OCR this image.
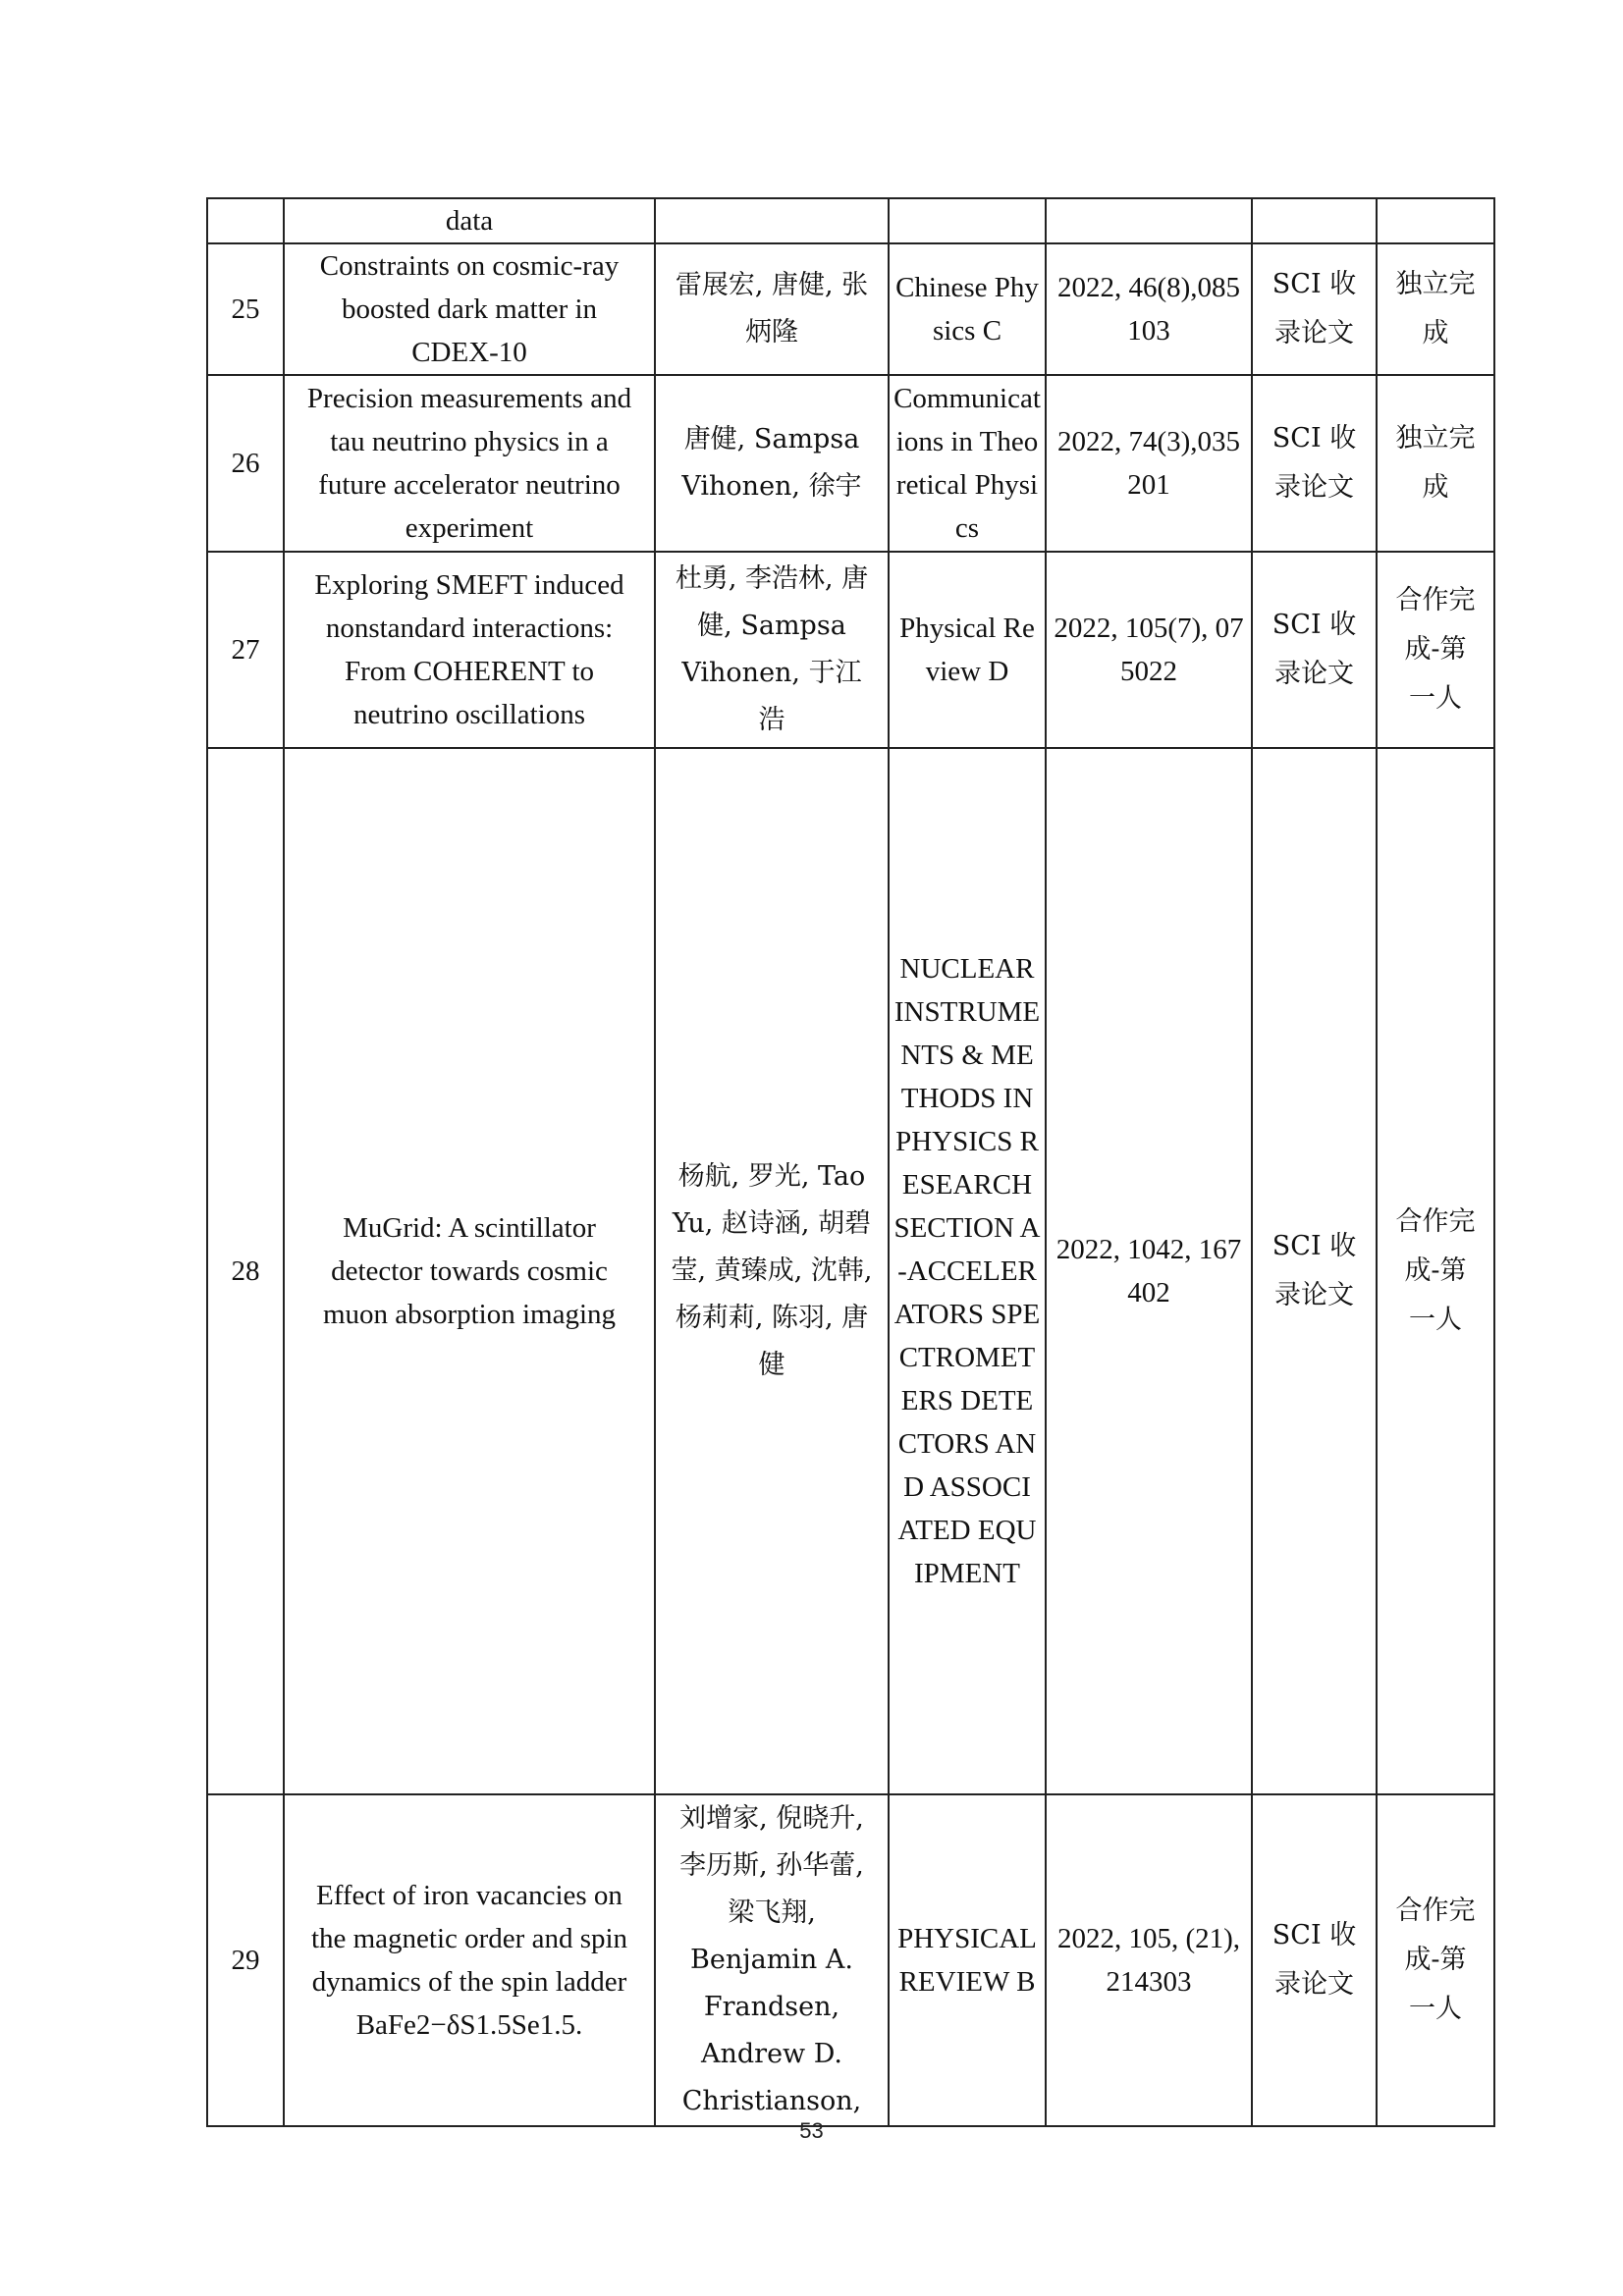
	data					
25	Constraints on cosmic-ray boosted dark matter in CDEX-10	雷展宏, 唐健, 张炳隆	Chinese Physics C	2022, 46(8),085103	SCI 收录论文	独立完成
26	Precision measurements and tau neutrino physics in a future accelerator neutrino experiment	唐健, Sampsa Vihonen, 徐宇	Communications in Theoretical Physics	2022, 74(3),035201	SCI 收录论文	独立完成
27	Exploring SMEFT induced nonstandard interactions: From COHERENT to neutrino oscillations	杜勇, 李浩林, 唐健, Sampsa Vihonen, 于江浩	Physical Review D	2022, 105(7), 075022	SCI 收录论文	合作完成-第一人
28	MuGrid: A scintillator detector towards cosmic muon absorption imaging	杨航, 罗光, Tao Yu, 赵诗涵, 胡碧莹, 黄臻成, 沈韩, 杨莉莉, 陈羽, 唐健	NUCLEAR INSTRUMENTS & METHODS IN PHYSICS RESEARCH SECTION A-ACCELERATORS SPECTROMETERS DETECTORS AND ASSOCIATED EQUIPMENT	2022, 1042, 167402	SCI 收录论文	合作完成-第一人
29	Effect of iron vacancies on the magnetic order and spin dynamics of the spin ladder BaFe2−δS1.5Se1.5.	刘增家, 倪晓升, 李历斯, 孙华蕾, 梁飞翔, Benjamin A. Frandsen, Andrew D. Christianson,	PHYSICAL REVIEW B	2022, 105, (21), 214303	SCI 收录论文	合作完成-第一人
53
